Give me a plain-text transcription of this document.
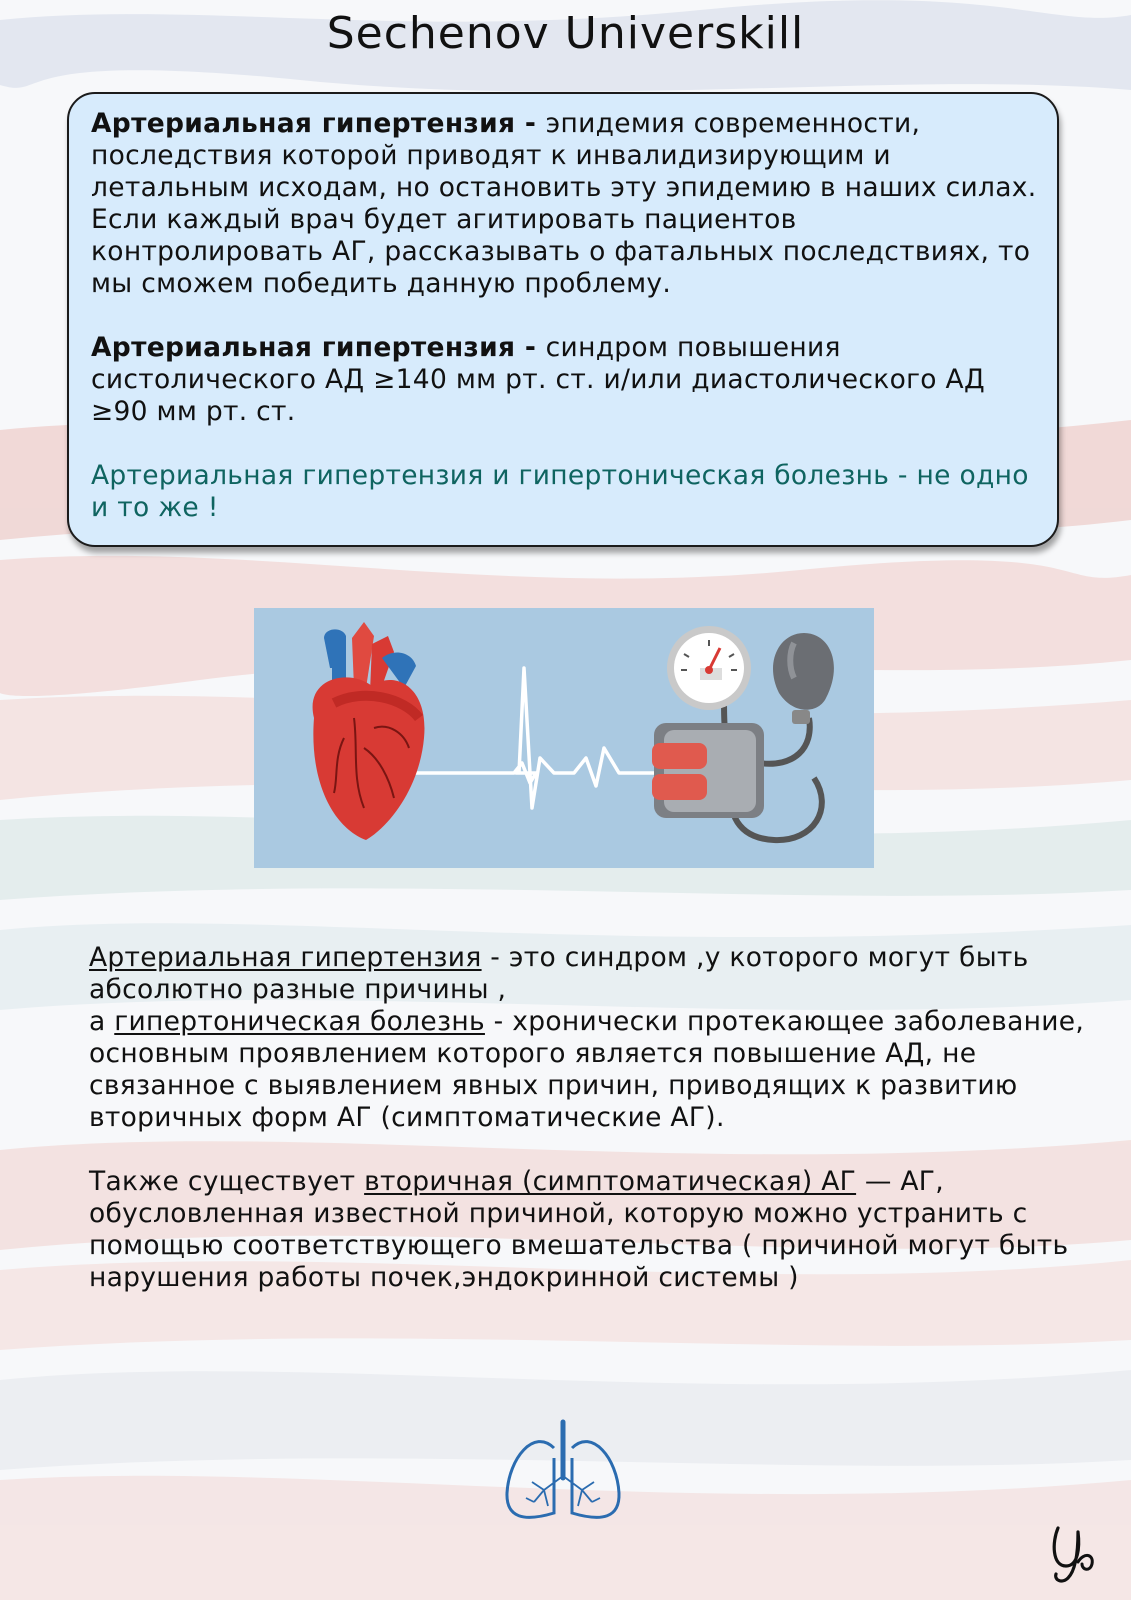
Sechenov Universkill

Артериальная гипертензия - эпидемия современности, последствия которой приводят к инвалидизирующим и летальным исходам, но остановить эту эпидемию в наших силах. Если каждый врач будет агитировать пациентов контролировать АГ, рассказывать о фатальных последствиях, то мы сможем победить данную проблему.

Артериальная гипертензия - синдром повышения систолического АД ≥140 мм рт. ст. и/или диастолического АД ≥90 мм рт. ст.

Артериальная гипертензия и гипертоническая болезнь - не одно и то же !

Артериальная гипертензия - это синдром ,у которого могут быть абсолютно разные причины ,
а гипертоническая болезнь - хронически протекающее заболевание, основным проявлением которого является повышение АД, не связанное с выявлением явных причин, приводящих к развитию вторичных форм АГ (симптоматические АГ).

Также существует вторичная (симптоматическая) АГ — АГ, обусловленная известной причиной, которую можно устранить с помощью соответствующего вмешательства ( причиной могут быть нарушения работы почек,эндокринной системы )
